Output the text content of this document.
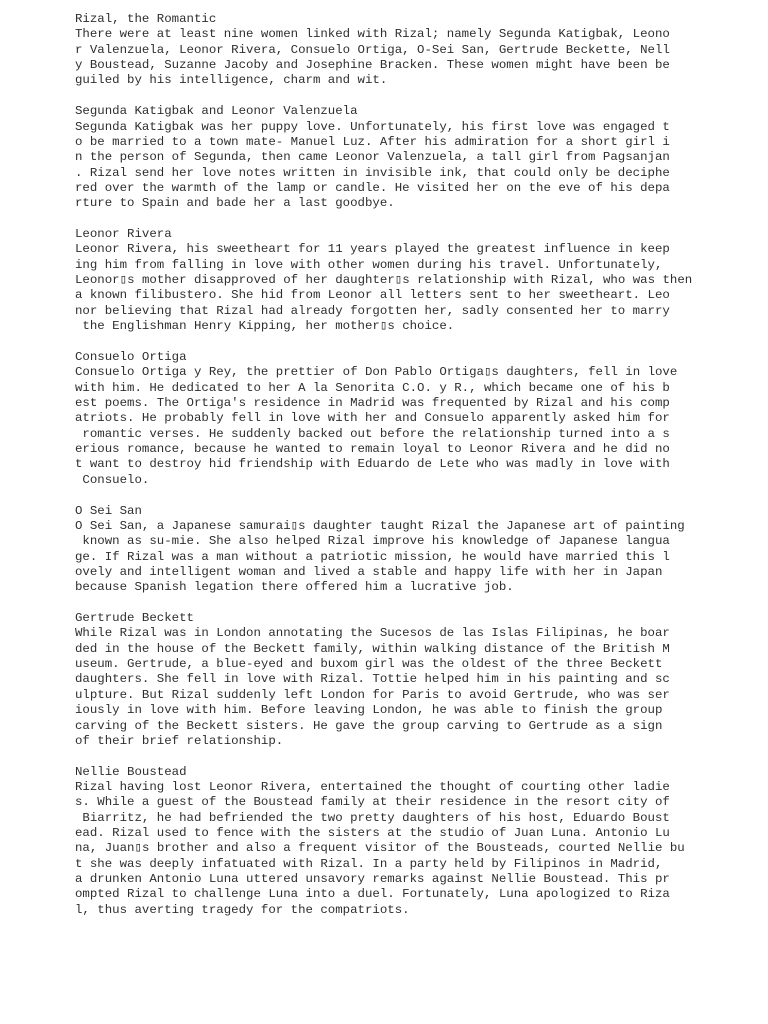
Rizal, the Romantic
There were at least nine women linked with Rizal; namely Segunda Katigbak, Leono
r Valenzuela, Leonor Rivera, Consuelo Ortiga, O-Sei San, Gertrude Beckette, Nell
y Boustead, Suzanne Jacoby and Josephine Bracken. These women might have been be
guiled by his intelligence, charm and wit.
Segunda Katigbak and Leonor Valenzuela
Segunda Katigbak was her puppy love. Unfortunately, his first love was engaged t
o be married to a town mate- Manuel Luz. After his admiration for a short girl i
n the person of Segunda, then came Leonor Valenzuela, a tall girl from Pagsanjan
. Rizal send her love notes written in invisible ink, that could only be deciphe
red over the warmth of the lamp or candle. He visited her on the eve of his depa
rture to Spain and bade her a last goodbye.
Leonor Rivera
Leonor Rivera, his sweetheart for 11 years played the greatest influence in keep
ing him from falling in love with other women during his travel. Unfortunately,
Leonor▯s mother disapproved of her daughter▯s relationship with Rizal, who was then
a known filibustero. She hid from Leonor all letters sent to her sweetheart. Leo
nor believing that Rizal had already forgotten her, sadly consented her to marry
the Englishman Henry Kipping, her mother▯s choice.
Consuelo Ortiga
Consuelo Ortiga y Rey, the prettier of Don Pablo Ortiga▯s daughters, fell in love
with him. He dedicated to her A la Senorita C.O. y R., which became one of his b
est poems. The Ortiga's residence in Madrid was frequented by Rizal and his comp
atriots. He probably fell in love with her and Consuelo apparently asked him for
romantic verses. He suddenly backed out before the relationship turned into a s
erious romance, because he wanted to remain loyal to Leonor Rivera and he did no
t want to destroy hid friendship with Eduardo de Lete who was madly in love with
Consuelo.
O Sei San
O Sei San, a Japanese samurai▯s daughter taught Rizal the Japanese art of painting
known as su-mie. She also helped Rizal improve his knowledge of Japanese langua
ge. If Rizal was a man without a patriotic mission, he would have married this l
ovely and intelligent woman and lived a stable and happy life with her in Japan
because Spanish legation there offered him a lucrative job.
Gertrude Beckett
While Rizal was in London annotating the Sucesos de las Islas Filipinas, he boar
ded in the house of the Beckett family, within walking distance of the British M
useum. Gertrude, a blue-eyed and buxom girl was the oldest of the three Beckett
daughters. She fell in love with Rizal. Tottie helped him in his painting and sc
ulpture. But Rizal suddenly left London for Paris to avoid Gertrude, who was ser
iously in love with him. Before leaving London, he was able to finish the group
carving of the Beckett sisters. He gave the group carving to Gertrude as a sign
of their brief relationship.
Nellie Boustead
Rizal having lost Leonor Rivera, entertained the thought of courting other ladie
s. While a guest of the Boustead family at their residence in the resort city of
Biarritz, he had befriended the two pretty daughters of his host, Eduardo Boust
ead. Rizal used to fence with the sisters at the studio of Juan Luna. Antonio Lu
na, Juan▯s brother and also a frequent visitor of the Bousteads, courted Nellie bu
t she was deeply infatuated with Rizal. In a party held by Filipinos in Madrid,
a drunken Antonio Luna uttered unsavory remarks against Nellie Boustead. This pr
ompted Rizal to challenge Luna into a duel. Fortunately, Luna apologized to Riza
l, thus averting tragedy for the compatriots.
